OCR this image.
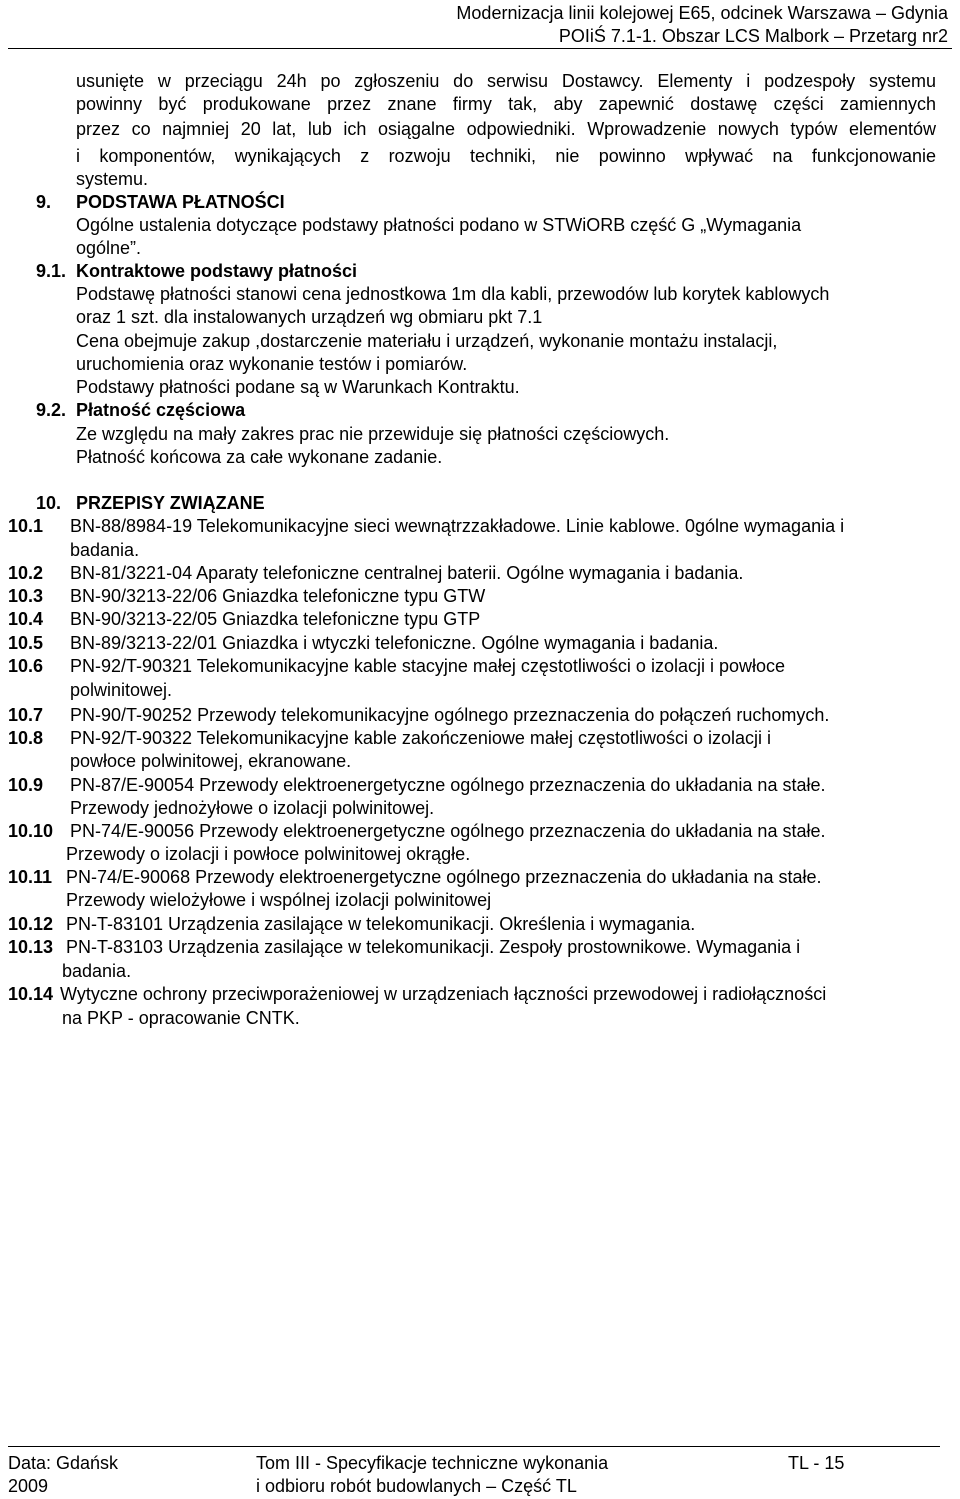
Modernizacja linii kolejowej E65, odcinek Warszawa – Gdynia
POIiŚ 7.1-1. Obszar LCS Malbork – Przetarg nr2
usunięte w przeciągu 24h po zgłoszeniu do serwisu Dostawcy. Elementy i podzespoły systemu
powinny być produkowane przez znane firmy tak, aby zapewnić dostawę części zamiennych
przez co najmniej 20 lat, lub ich osiągalne odpowiedniki. Wprowadzenie nowych typów elementów
i komponentów, wynikających z rozwoju techniki, nie powinno wpływać na funkcjonowanie
systemu.
9. PODSTAWA PŁATNOŚCI
Ogólne ustalenia dotyczące podstawy płatności podano w STWiORB część G „Wymagania
ogólne”.
9.1. Kontraktowe podstawy płatności
Podstawę płatności stanowi cena jednostkowa 1m dla kabli, przewodów lub korytek kablowych
oraz 1 szt. dla instalowanych urządzeń wg obmiaru pkt 7.1
Cena obejmuje zakup ,dostarczenie materiału i urządzeń, wykonanie montażu instalacji,
uruchomienia oraz wykonanie testów i pomiarów.
Podstawy płatności podane są w Warunkach Kontraktu.
9.2. Płatność częściowa
Ze względu na mały zakres prac nie przewiduje się płatności częściowych.
Płatność końcowa za całe wykonane zadanie.
10. PRZEPISY ZWIĄZANE
10.1 BN-88/8984-19 Telekomunikacyjne sieci wewnątrzzakładowe. Linie kablowe. 0gólne wymagania i
badania.
10.2 BN-81/3221-04 Aparaty telefoniczne centralnej baterii. Ogólne wymagania i badania.
10.3 BN-90/3213-22/06 Gniazdka telefoniczne typu GTW
10.4 BN-90/3213-22/05 Gniazdka telefoniczne typu GTP
10.5 BN-89/3213-22/01 Gniazdka i wtyczki telefoniczne. Ogólne wymagania i badania.
10.6 PN-92/T-90321 Telekomunikacyjne kable stacyjne małej częstotliwości o izolacji i powłoce
polwinitowej.
10.7 PN-90/T-90252 Przewody telekomunikacyjne ogólnego przeznaczenia do połączeń ruchomych.
10.8 PN-92/T-90322 Telekomunikacyjne kable zakończeniowe małej częstotliwości o izolacji i
powłoce polwinitowej, ekranowane.
10.9 PN-87/E-90054 Przewody elektroenergetyczne ogólnego przeznaczenia do układania na stałe.
Przewody jednożyłowe o izolacji polwinitowej.
10.10 PN-74/E-90056 Przewody elektroenergetyczne ogólnego przeznaczenia do układania na stałe.
Przewody o izolacji i powłoce polwinitowej okrągłe.
10.11 PN-74/E-90068 Przewody elektroenergetyczne ogólnego przeznaczenia do układania na stałe.
Przewody wielożyłowe i wspólnej izolacji polwinitowej
10.12 PN-T-83101 Urządzenia zasilające w telekomunikacji. Określenia i wymagania.
10.13 PN-T-83103 Urządzenia zasilające w telekomunikacji. Zespoły prostownikowe. Wymagania i
badania.
10.14 Wytyczne ochrony przeciwporażeniowej w urządzeniach łączności przewodowej i radiołączności
na PKP - opracowanie CNTK.
Data: Gdańsk
2009
Tom III - Specyfikacje techniczne wykonania
i odbioru robót budowlanych – Część TL
TL - 15
